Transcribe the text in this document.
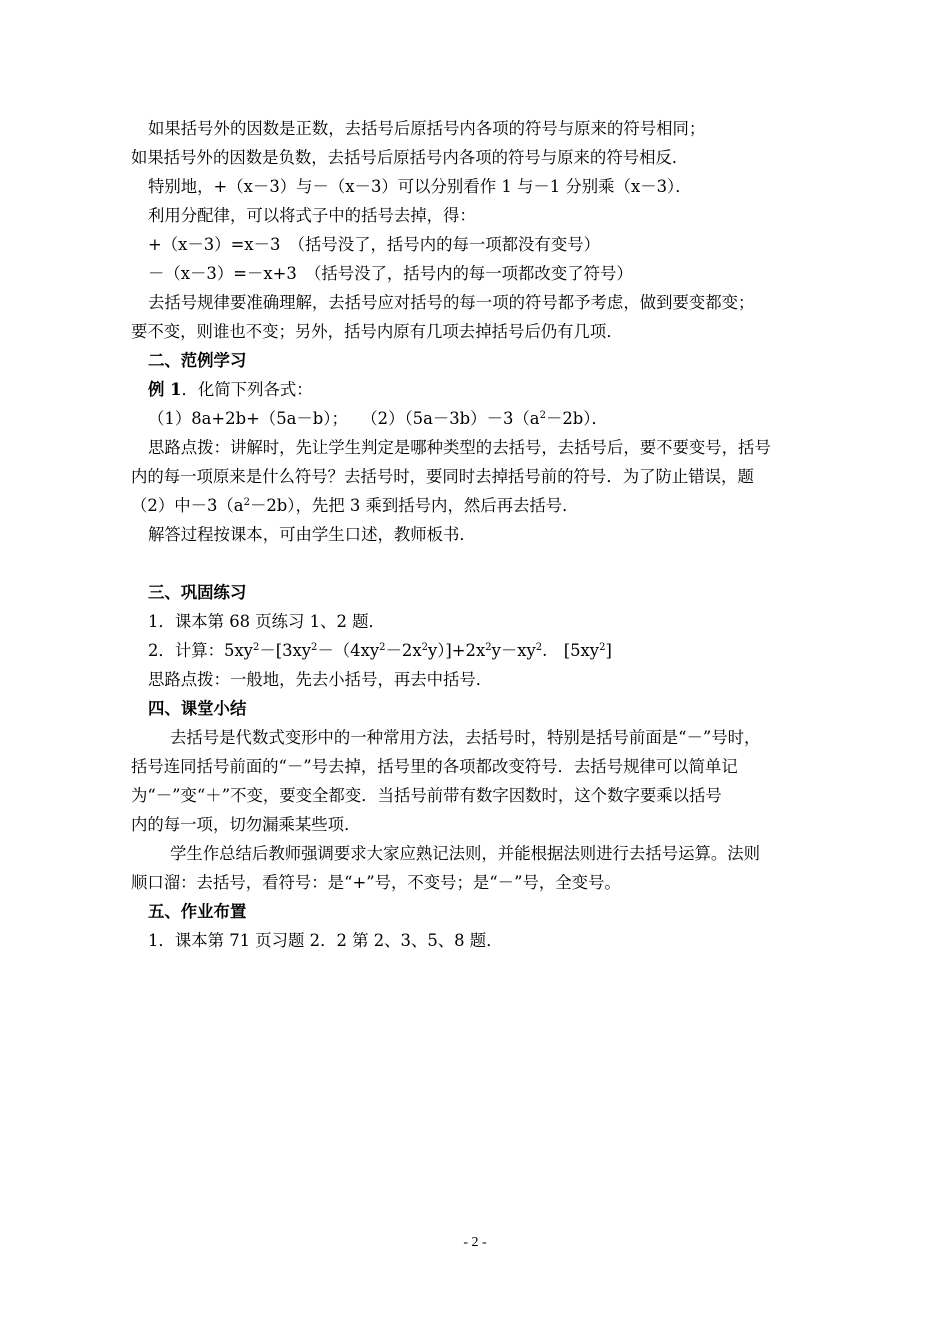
如果括号外的因数是正数，去括号后原括号内各项的符号与原来的符号相同；
如果括号外的因数是负数，去括号后原括号内各项的符号与原来的符号相反．
特别地，+（x－3）与－（x－3）可以分别看作 1 与－1 分别乘（x－3）．
利用分配律，可以将式子中的括号去掉，得：
+（x－3）=x－3　（括号没了，括号内的每一项都没有变号）
－（x－3）=－x+3　（括号没了，括号内的每一项都改变了符号）
去括号规律要准确理解，去括号应对括号的每一项的符号都予考虑，做到要变都变；
要不变，则谁也不变；另外，括号内原有几项去掉括号后仍有几项．
二、范例学习
例 1．化简下列各式：
（1）8a+2b+（5a－b）；　 $(2)(5a-3b)-3(a^2-2b)$．
思路点拨：讲解时，先让学生判定是哪种类型的去括号，去括号后，要不要变号，括号
内的每一项原来是什么符号？去括号时，要同时去掉括号前的符号．为了防止错误，题
（2）中$-3(a^2-2b)$，先把 3 乘到括号内，然后再去括号．
解答过程按课本，可由学生口述，教师板书．
三、巩固练习
1．课本第 68 页练习 1、2 题．
2．计算：$5xy^2-[3xy^2-(4xy^2-2x^2y)]+2x^2y-xy^2$.　$[5xy^2]$
思路点拨：一般地，先去小括号，再去中括号．
四、课堂小结
去括号是代数式变形中的一种常用方法，去括号时，特别是括号前面是“－”号时，
括号连同括号前面的“－”号去掉，括号里的各项都改变符号．去括号规律可以简单记
为“－”变“＋”不变，要变全都变．当括号前带有数字因数时，这个数字要乘以括号
内的每一项，切勿漏乘某些项．
学生作总结后教师强调要求大家应熟记法则，并能根据法则进行去括号运算。法则
顺口溜：去括号，看符号：是“+”号，不变号；是“－”号，全变号。
五、作业布置
1．课本第 71 页习题 2．2 第 2、3、5、8 题．
- 2 -
